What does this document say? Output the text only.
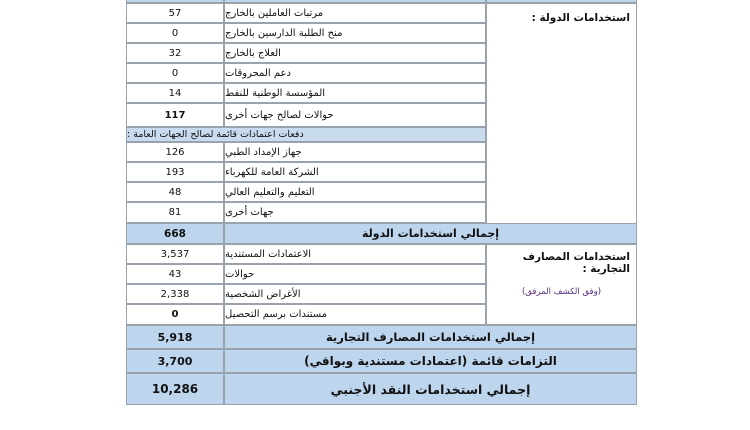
استخدامات الدولة :
57	مرتبات العاملين بالخارج
0	منح الطلبة الدارسين بالخارج
32	العلاج بالخارج
0	دعم المحروقات
14	المؤسسة الوطنية للنفط
117	حوالات لصالح جهات أخرى
دفعات اعتمادات قائمة لصالح الجهات العامة :
126	جهاز الإمداد الطبي
193	الشركة العامة للكهرباء
48	التعليم والتعليم العالي
81	جهات أخرى
668	إجمالي استخدامات الدولة
استخدامات المصارف التجارية :
(وفق الكشف المرفق)
3,537	الاعتمادات المستندية
43	حوالات
2,338	الأغراض الشخصية
0	مستندات برسم التحصيل
5,918	إجمالي استخدامات المصارف التجارية
3,700	التزامات قائمة (اعتمادات مستندية وبواقي)
10,286	إجمالي استخدامات النقد الأجنبي
